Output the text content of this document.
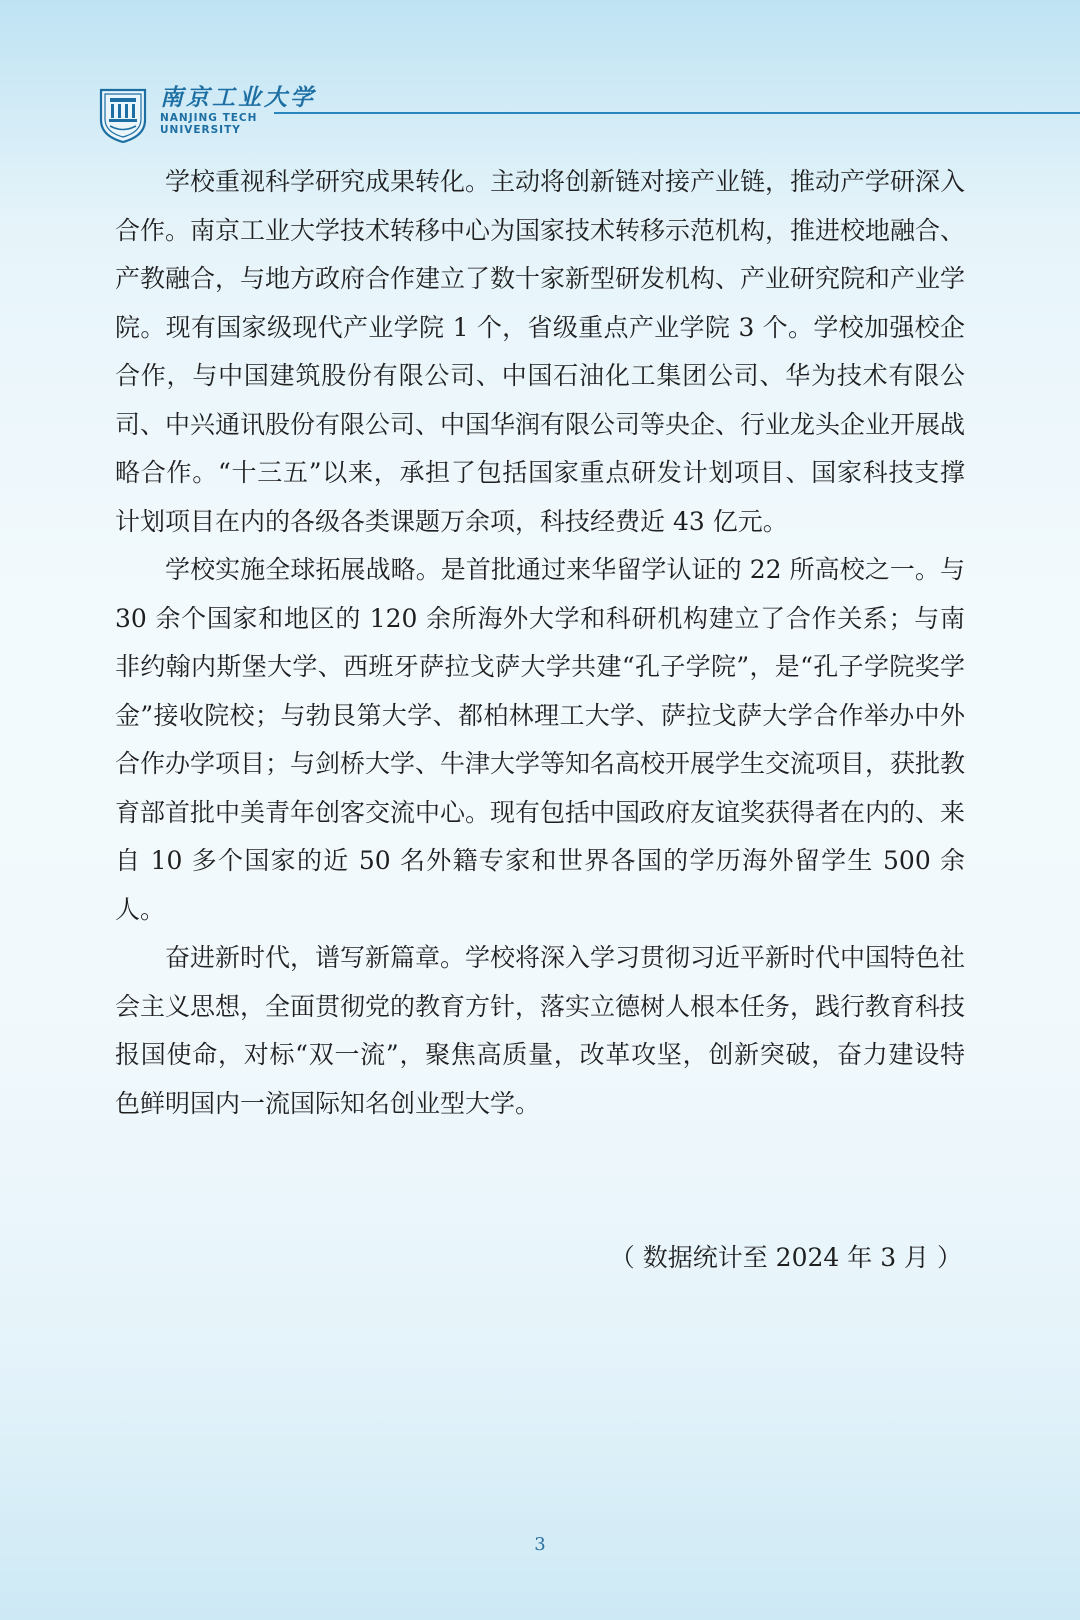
南京工业大学
NANJING TECH
UNIVERSITY

学校重视科学研究成果转化。主动将创新链对接产业链，推动产学研深入合作。南京工业大学技术转移中心为国家技术转移示范机构，推进校地融合、产教融合，与地方政府合作建立了数十家新型研发机构、产业研究院和产业学院。现有国家级现代产业学院 1 个，省级重点产业学院 3 个。学校加强校企合作，与中国建筑股份有限公司、中国石油化工集团公司、华为技术有限公司、中兴通讯股份有限公司、中国华润有限公司等央企、行业龙头企业开展战略合作。“十三五”以来，承担了包括国家重点研发计划项目、国家科技支撑计划项目在内的各级各类课题万余项，科技经费近 43 亿元。

学校实施全球拓展战略。是首批通过来华留学认证的 22 所高校之一。与 30 余个国家和地区的 120 余所海外大学和科研机构建立了合作关系；与南非约翰内斯堡大学、西班牙萨拉戈萨大学共建“孔子学院”，是“孔子学院奖学金”接收院校；与勃艮第大学、都柏林理工大学、萨拉戈萨大学合作举办中外合作办学项目；与剑桥大学、牛津大学等知名高校开展学生交流项目，获批教育部首批中美青年创客交流中心。现有包括中国政府友谊奖获得者在内的、来自 10 多个国家的近 50 名外籍专家和世界各国的学历海外留学生 500 余人。

奋进新时代，谱写新篇章。学校将深入学习贯彻习近平新时代中国特色社会主义思想，全面贯彻党的教育方针，落实立德树人根本任务，践行教育科技报国使命，对标“双一流”，聚焦高质量，改革攻坚，创新突破，奋力建设特色鲜明国内一流国际知名创业型大学。

（ 数据统计至 2024 年 3 月 ）
3
